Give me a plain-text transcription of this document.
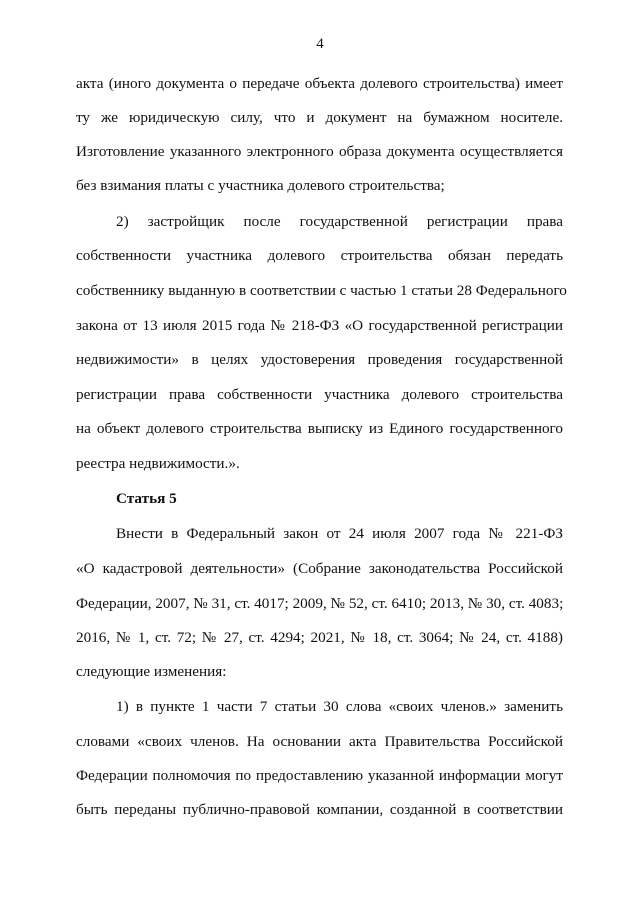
4
акта (иного документа о передаче объекта долевого строительства) имеет
ту же юридическую силу, что и документ на бумажном носителе.
Изготовление указанного электронного образа документа осуществляется
без взимания платы с участника долевого строительства;
2) застройщик после государственной регистрации права
собственности участника долевого строительства обязан передать
собственнику выданную в соответствии с частью 1 статьи 28 Федерального
закона от 13 июля 2015 года № 218-ФЗ «О государственной регистрации
недвижимости» в целях удостоверения проведения государственной
регистрации права собственности участника долевого строительства
на объект долевого строительства выписку из Единого государственного
реестра недвижимости.».
Статья 5
Внести в Федеральный закон от 24 июля 2007 года № 221-ФЗ
«О кадастровой деятельности» (Собрание законодательства Российской
Федерации, 2007, № 31, ст. 4017; 2009, № 52, ст. 6410; 2013, № 30, ст. 4083;
2016, № 1, ст. 72; № 27, ст. 4294; 2021, № 18, ст. 3064; № 24, ст. 4188)
следующие изменения:
1) в пункте 1 части 7 статьи 30 слова «своих членов.» заменить
словами «своих членов. На основании акта Правительства Российской
Федерации полномочия по предоставлению указанной информации могут
быть переданы публично-правовой компании, созданной в соответствии
